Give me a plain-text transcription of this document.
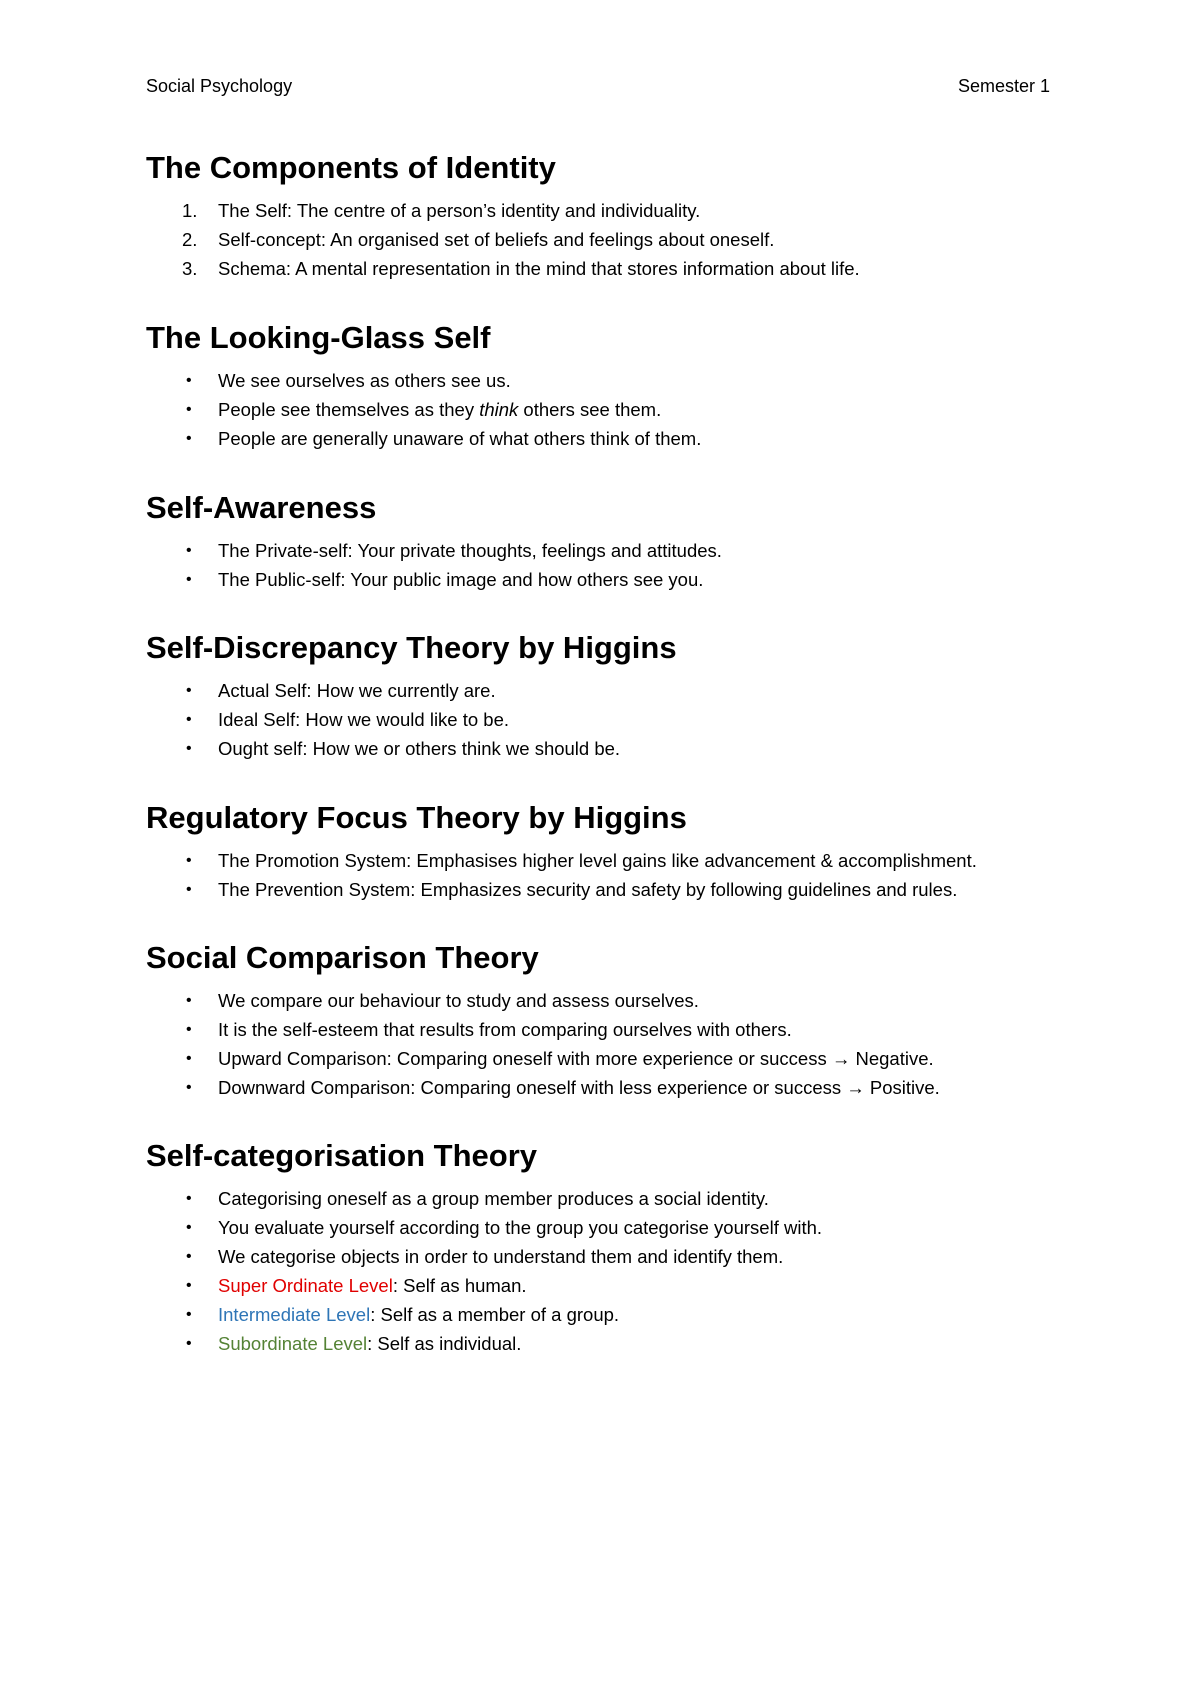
Social Psychology	Semester 1
The Components of Identity
1. The Self: The centre of a person’s identity and individuality.
2. Self-concept: An organised set of beliefs and feelings about oneself.
3. Schema: A mental representation in the mind that stores information about life.
The Looking-Glass Self
• We see ourselves as others see us.
• People see themselves as they think others see them.
• People are generally unaware of what others think of them.
Self-Awareness
• The Private-self: Your private thoughts, feelings and attitudes.
• The Public-self: Your public image and how others see you.
Self-Discrepancy Theory by Higgins
• Actual Self: How we currently are.
• Ideal Self: How we would like to be.
• Ought self: How we or others think we should be.
Regulatory Focus Theory by Higgins
• The Promotion System: Emphasises higher level gains like advancement & accomplishment.
• The Prevention System: Emphasizes security and safety by following guidelines and rules.
Social Comparison Theory
• We compare our behaviour to study and assess ourselves.
• It is the self-esteem that results from comparing ourselves with others.
• Upward Comparison: Comparing oneself with more experience or success → Negative.
• Downward Comparison: Comparing oneself with less experience or success → Positive.
Self-categorisation Theory
• Categorising oneself as a group member produces a social identity.
• You evaluate yourself according to the group you categorise yourself with.
• We categorise objects in order to understand them and identify them.
• Super Ordinate Level: Self as human.
• Intermediate Level: Self as a member of a group.
• Subordinate Level: Self as individual.
